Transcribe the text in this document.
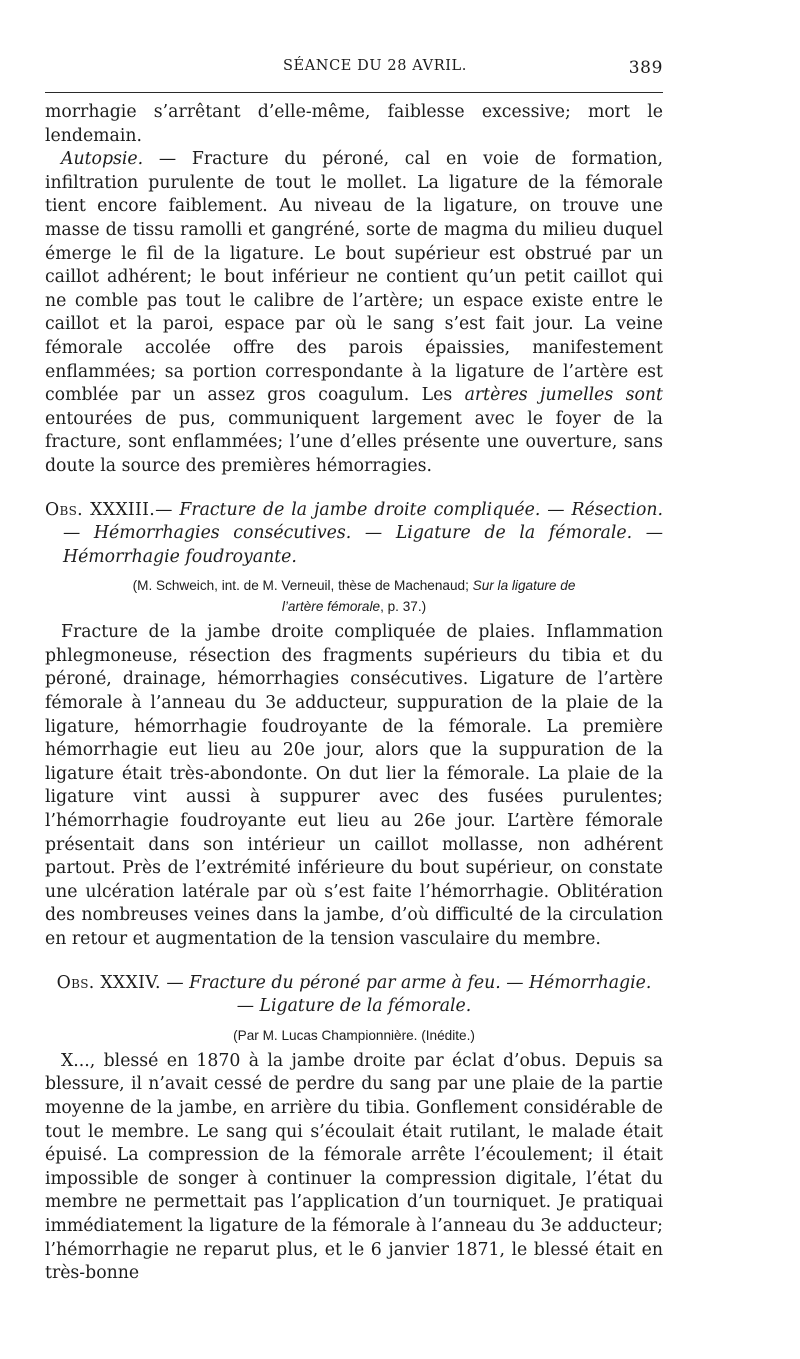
SÉANCE DU 28 AVRIL.	389

morrhagie s’arrêtant d’elle-même, faiblesse excessive; mort le lendemain.

Autopsie. — Fracture du péroné, cal en voie de formation, infiltration purulente de tout le mollet. La ligature de la fémorale tient encore faiblement. Au niveau de la ligature, on trouve une masse de tissu ramolli et gangréné, sorte de magma du milieu duquel émerge le fil de la ligature. Le bout supérieur est obstrué par un caillot adhérent; le bout inférieur ne contient qu’un petit caillot qui ne comble pas tout le calibre de l’artère; un espace existe entre le caillot et la paroi, espace par où le sang s’est fait jour. La veine fémorale accolée offre des parois épaissies, manifestement enflammées; sa portion correspondante à la ligature de l’artère est comblée par un assez gros coagulum. Les artères jumelles sont entourées de pus, communiquent largement avec le foyer de la fracture, sont enflammées; l’une d’elles présente une ouverture, sans doute la source des premières hémorragies.

Obs. XXXIII.— Fracture de la jambe droite compliquée. — Résection. — Hémorrhagies consécutives. — Ligature de la fémorale. — Hémorrhagie foudroyante.

(M. Schweich, int. de M. Verneuil, thèse de Machenaud; Sur la ligature de
l’artère fémorale, p. 37.)

Fracture de la jambe droite compliquée de plaies. Inflammation phlegmoneuse, résection des fragments supérieurs du tibia et du péroné, drainage, hémorrhagies consécutives. Ligature de l’artère fémorale à l’anneau du 3e adducteur, suppuration de la plaie de la ligature, hémorrhagie foudroyante de la fémorale. La première hémorrhagie eut lieu au 20e jour, alors que la suppuration de la ligature était très-abondonte. On dut lier la fémorale. La plaie de la ligature vint aussi à suppurer avec des fusées purulentes; l’hémorrhagie foudroyante eut lieu au 26e jour. L’artère fémorale présentait dans son intérieur un caillot mollasse, non adhérent partout. Près de l’extrémité inférieure du bout supérieur, on constate une ulcération latérale par où s’est faite l’hémorrhagie. Oblitération des nombreuses veines dans la jambe, d’où difficulté de la circulation en retour et augmentation de la tension vasculaire du membre.

Obs. XXXIV. — Fracture du péroné par arme à feu. — Hémorrhagie.

— Ligature de la fémorale.

(Par M. Lucas Championnière. (Inédite.)

X..., blessé en 1870 à la jambe droite par éclat d’obus. Depuis sa blessure, il n’avait cessé de perdre du sang par une plaie de la partie moyenne de la jambe, en arrière du tibia. Gonflement considérable de tout le membre. Le sang qui s’écoulait était rutilant, le malade était épuisé. La compression de la fémorale arrête l’écoulement; il était impossible de songer à continuer la compression digitale, l’état du membre ne permettait pas l’application d’un tourniquet. Je pratiquai immédiatement la ligature de la fémorale à l’anneau du 3e adducteur; l’hémorrhagie ne reparut plus, et le 6 janvier 1871, le blessé était en très-bonne
